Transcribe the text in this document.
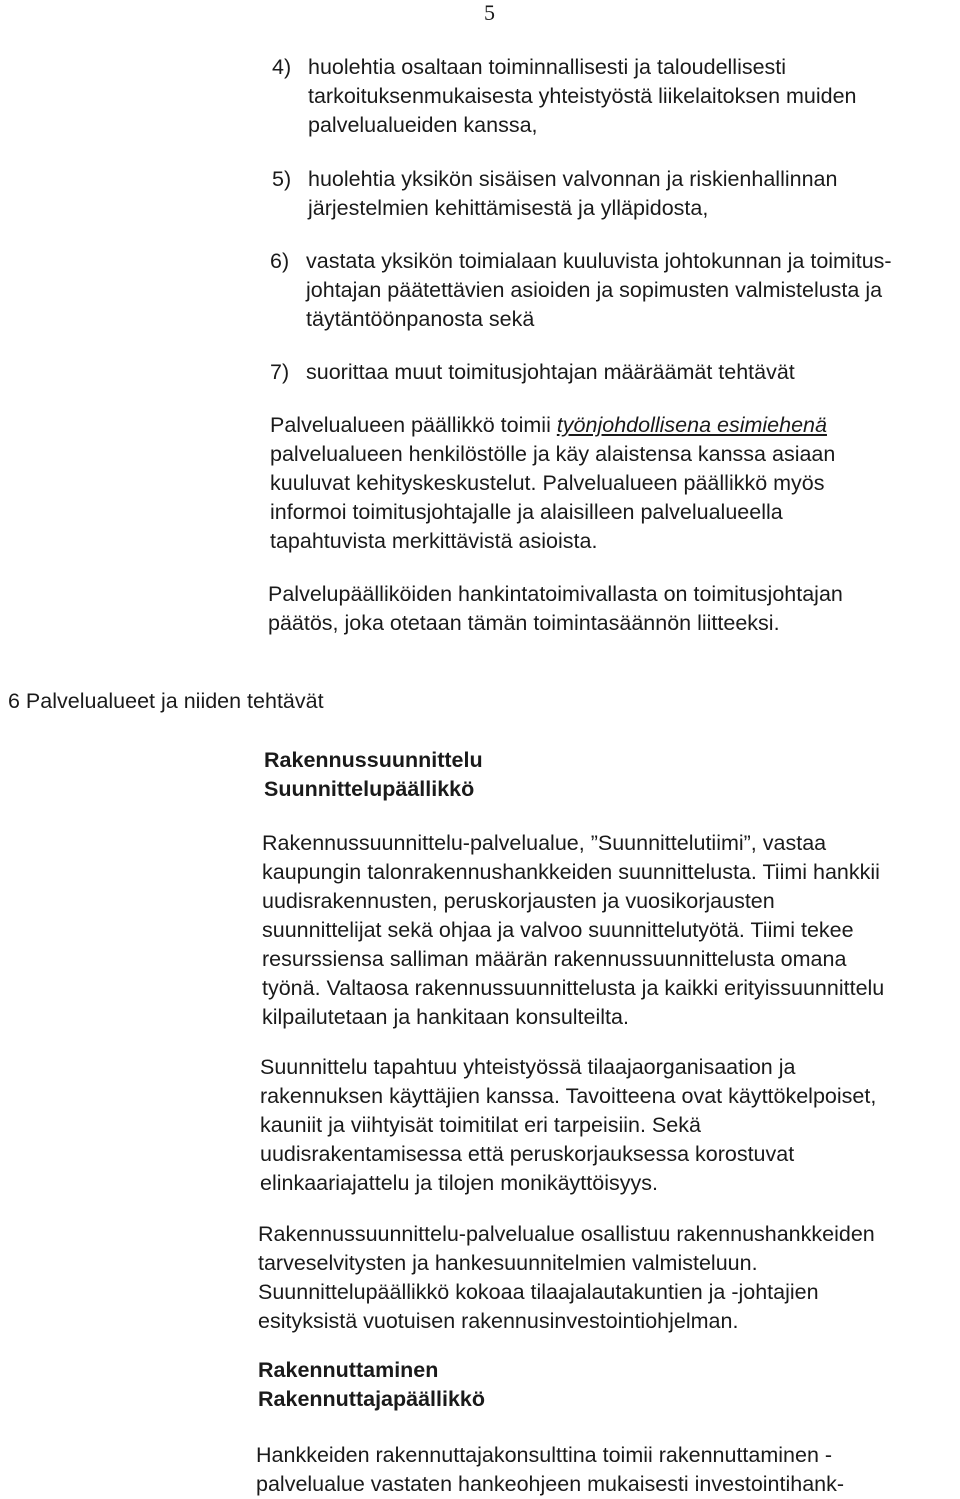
5
4) huolehtia osaltaan toiminnallisesti ja taloudellisesti
tarkoituksenmukaisesta yhteistyöstä liikelaitoksen muiden
palvelualueiden kanssa,
5) huolehtia yksikön sisäisen valvonnan ja riskienhallinnan
järjestelmien kehittämisestä ja ylläpidosta,
6) vastata yksikön toimialaan kuuluvista johtokunnan ja toimitus-
johtajan päätettävien asioiden ja sopimusten valmistelusta ja
täytäntöönpanosta sekä
7) suorittaa muut toimitusjohtajan määräämät tehtävät
Palvelualueen päällikkö toimii työnjohdollisena esimiehenä
palvelualueen henkilöstölle ja käy alaistensa kanssa asiaan
kuuluvat kehityskeskustelut. Palvelualueen päällikkö myös
informoi toimitusjohtajalle ja alaisilleen palvelualueella
tapahtuvista merkittävistä asioista.
Palvelupäälliköiden hankintatoimivallasta on toimitusjohtajan
päätös, joka otetaan tämän toimintasäännön liitteeksi.
6 Palvelualueet ja niiden tehtävät
Rakennussuunnittelu
Suunnittelupäällikkö
Rakennussuunnittelu-palvelualue, ”Suunnittelutiimi”, vastaa
kaupungin talonrakennushankkeiden suunnittelusta. Tiimi hankkii
uudisrakennusten, peruskorjausten ja vuosikorjausten
suunnittelijat sekä ohjaa ja valvoo suunnittelutyötä. Tiimi tekee
resurssiensa salliman määrän rakennussuunnittelusta omana
työnä. Valtaosa rakennussuunnittelusta ja kaikki erityissuunnittelu
kilpailutetaan ja hankitaan konsulteilta.
Suunnittelu tapahtuu yhteistyössä tilaajaorganisaation ja
rakennuksen käyttäjien kanssa. Tavoitteena ovat käyttökelpoiset,
kauniit ja viihtyisät toimitilat eri tarpeisiin. Sekä
uudisrakentamisessa että peruskorjauksessa korostuvat
elinkaariajattelu ja tilojen monikäyttöisyys.
Rakennussuunnittelu-palvelualue osallistuu rakennushankkeiden
tarveselvitysten ja hankesuunnitelmien valmisteluun.
Suunnittelupäällikkö kokoaa tilaajalautakuntien ja -johtajien
esityksistä vuotuisen rakennusinvestointiohjelman.
Rakennuttaminen
Rakennuttajapäällikkö
Hankkeiden rakennuttajakonsulttina toimii rakennuttaminen -
palvelualue vastaten hankeohjeen mukaisesti investointihank-
